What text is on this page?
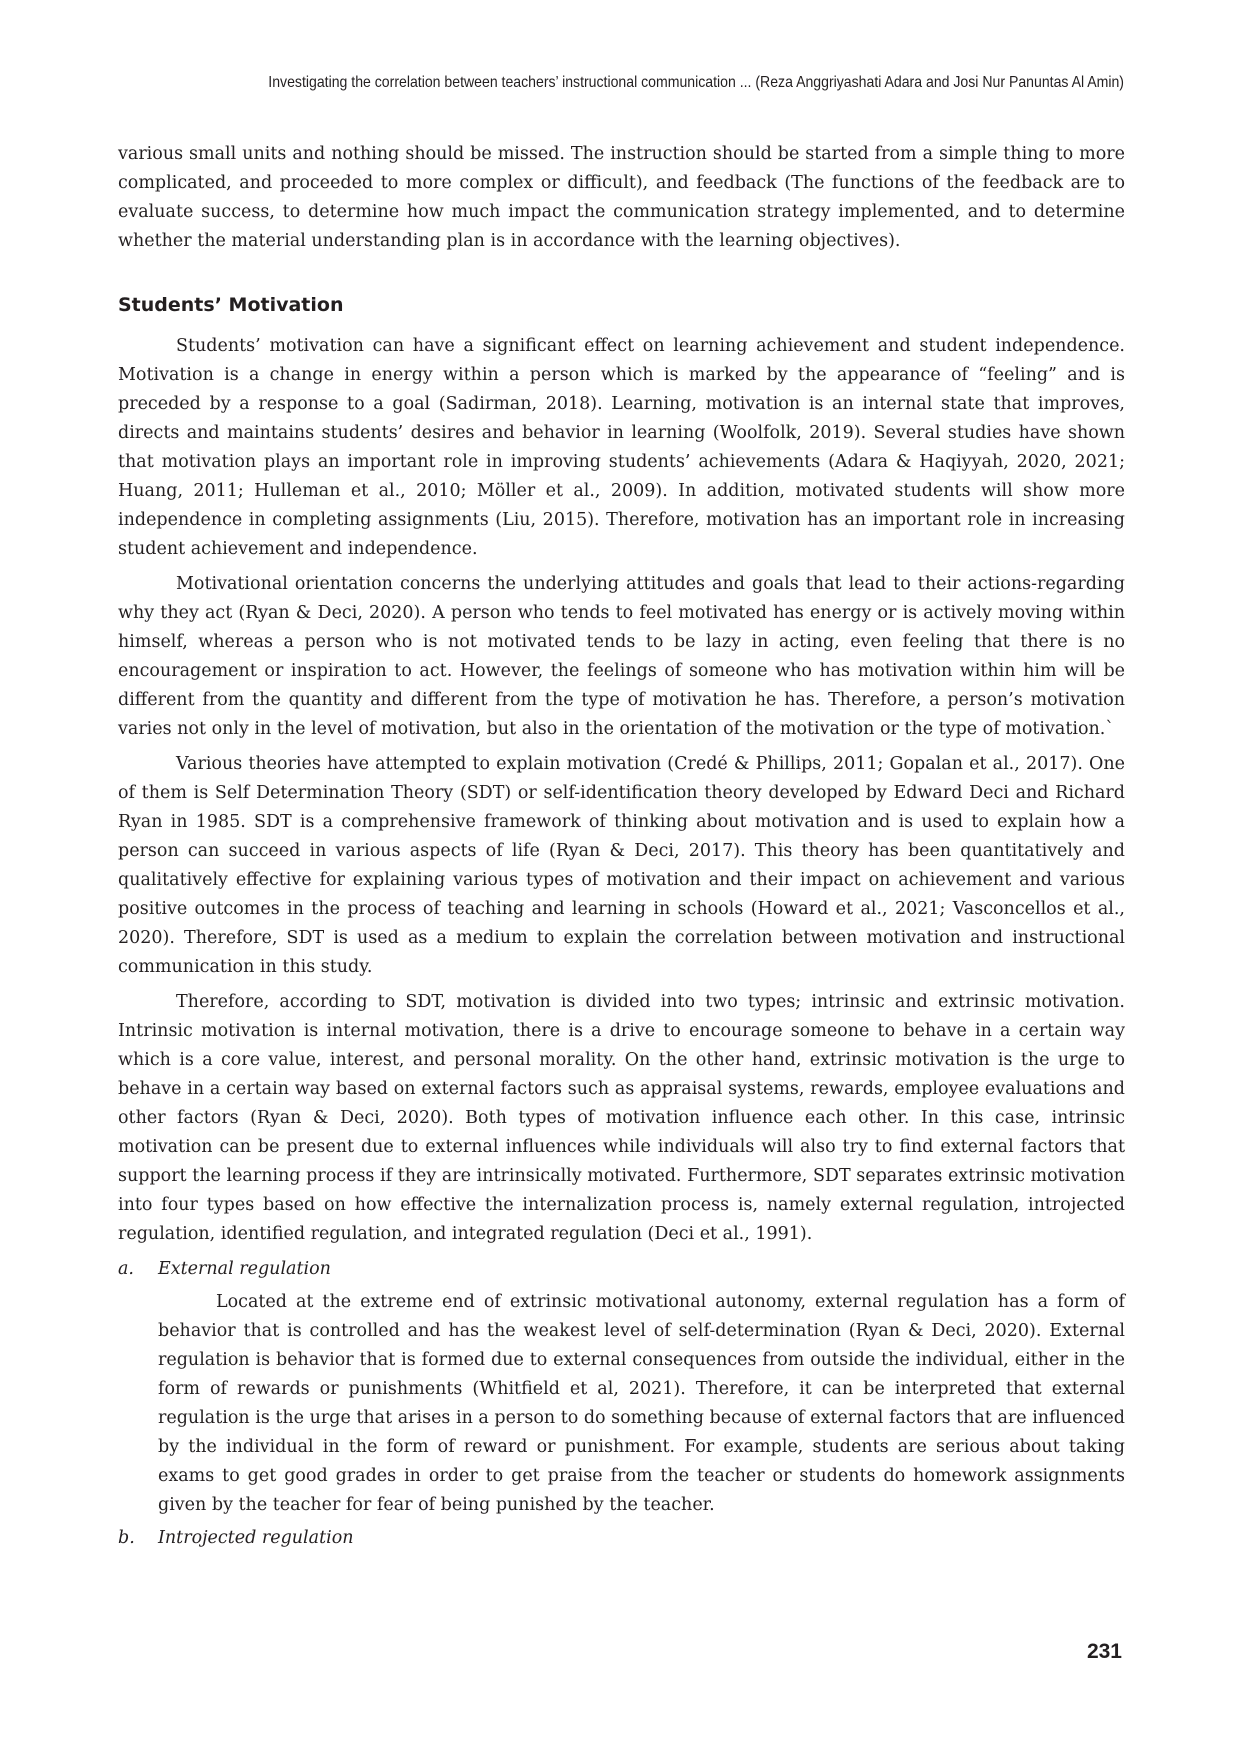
Investigating the correlation between teachers’ instructional communication ... (Reza Anggriyashati Adara and Josi Nur Panuntas Al Amin)

various small units and nothing should be missed. The instruction should be started from a simple thing to more complicated, and proceeded to more complex or difficult), and feedback (The functions of the feedback are to evaluate success, to determine how much impact the communication strategy implemented, and to determine whether the material understanding plan is in accordance with the learning objectives).

Students’ Motivation

Students’ motivation can have a significant effect on learning achievement and student independence. Motivation is a change in energy within a person which is marked by the appearance of “feeling” and is preceded by a response to a goal (Sadirman, 2018). Learning, motivation is an internal state that improves, directs and maintains students’ desires and behavior in learning (Woolfolk, 2019). Several studies have shown that motivation plays an important role in improving students’ achievements (Adara & Haqiyyah, 2020, 2021; Huang, 2011; Hulleman et al., 2010; Möller et al., 2009). In addition, motivated students will show more independence in completing assignments (Liu, 2015). Therefore, motivation has an important role in increasing student achievement and independence.

Motivational orientation concerns the underlying attitudes and goals that lead to their actions-regarding why they act (Ryan & Deci, 2020). A person who tends to feel motivated has energy or is actively moving within himself, whereas a person who is not motivated tends to be lazy in acting, even feeling that there is no encouragement or inspiration to act. However, the feelings of someone who has motivation within him will be different from the quantity and different from the type of motivation he has. Therefore, a person’s motivation varies not only in the level of motivation, but also in the orientation of the motivation or the type of motivation.`

Various theories have attempted to explain motivation (Credé & Phillips, 2011; Gopalan et al., 2017). One of them is Self Determination Theory (SDT) or self-identification theory developed by Edward Deci and Richard Ryan in 1985. SDT is a comprehensive framework of thinking about motivation and is used to explain how a person can succeed in various aspects of life (Ryan & Deci, 2017). This theory has been quantitatively and qualitatively effective for explaining various types of motivation and their impact on achievement and various positive outcomes in the process of teaching and learning in schools (Howard et al., 2021; Vasconcellos et al., 2020). Therefore, SDT is used as a medium to explain the correlation between motivation and instructional communication in this study.

Therefore, according to SDT, motivation is divided into two types; intrinsic and extrinsic motivation. Intrinsic motivation is internal motivation, there is a drive to encourage someone to behave in a certain way which is a core value, interest, and personal morality. On the other hand, extrinsic motivation is the urge to behave in a certain way based on external factors such as appraisal systems, rewards, employee evaluations and other factors (Ryan & Deci, 2020). Both types of motivation influence each other. In this case, intrinsic motivation can be present due to external influences while individuals will also try to find external factors that support the learning process if they are intrinsically motivated. Furthermore, SDT separates extrinsic motivation into four types based on how effective the internalization process is, namely external regulation, introjected regulation, identified regulation, and integrated regulation (Deci et al., 1991).

a. External regulation
Located at the extreme end of extrinsic motivational autonomy, external regulation has a form of behavior that is controlled and has the weakest level of self-determination (Ryan & Deci, 2020). External regulation is behavior that is formed due to external consequences from outside the individual, either in the form of rewards or punishments (Whitfield et al, 2021). Therefore, it can be interpreted that external regulation is the urge that arises in a person to do something because of external factors that are influenced by the individual in the form of reward or punishment. For example, students are serious about taking exams to get good grades in order to get praise from the teacher or students do homework assignments given by the teacher for fear of being punished by the teacher.
b. Introjected regulation
231
